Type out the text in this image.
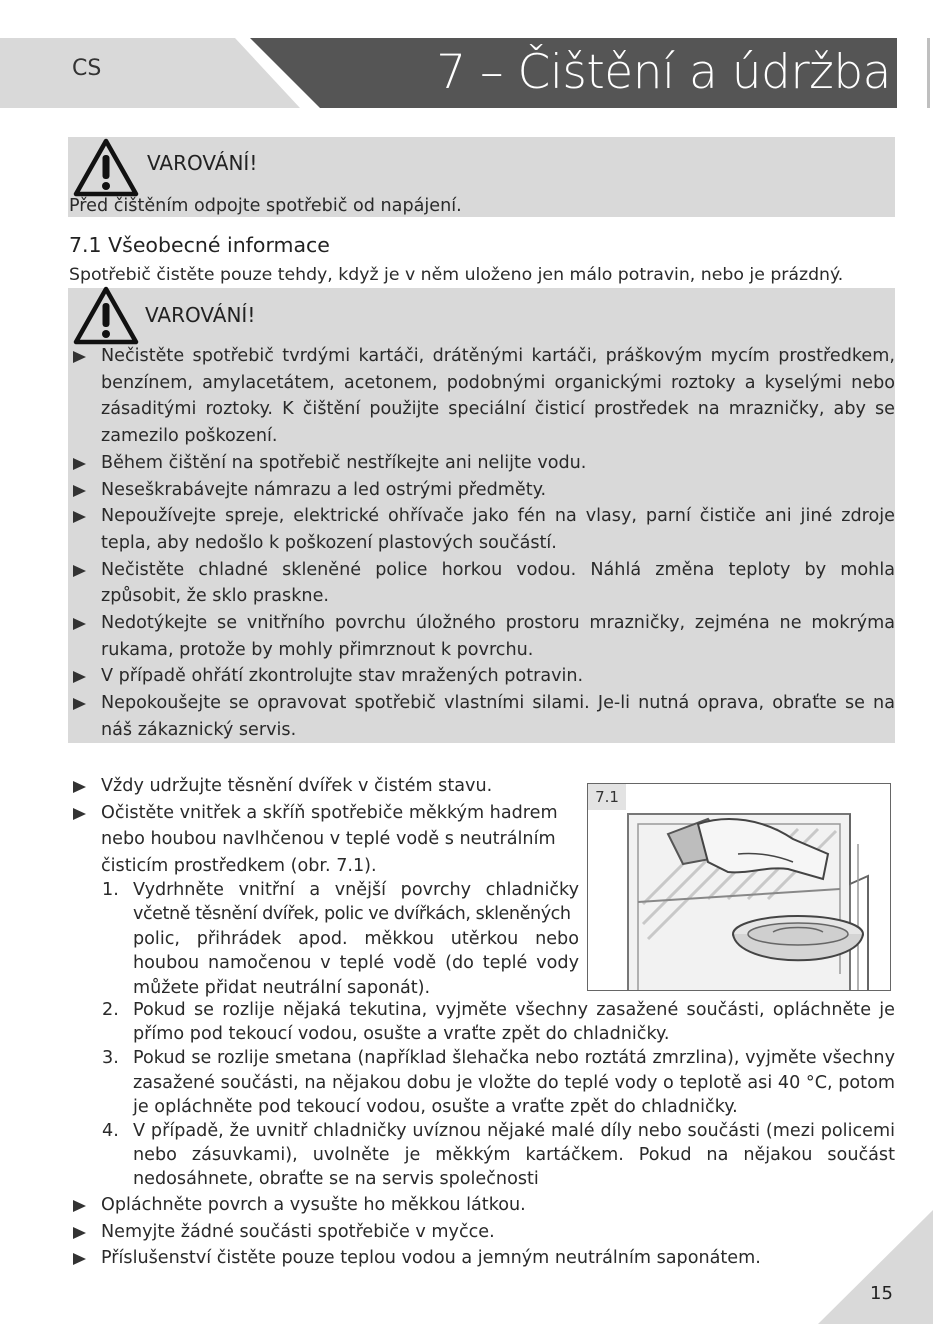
CS	7 – Čištění a údržba
VAROVÁNÍ!
Před čištěním odpojte spotřebič od napájení.
7.1 Všeobecné informace
Spotřebič čistěte pouze tehdy, když je v něm uloženo jen málo potravin, nebo je prázdný.
VAROVÁNÍ!
Nečistěte spotřebič tvrdými kartáči, drátěnými kartáči, práškovým mycím prostředkem, benzínem, amylacetátem, acetonem, podobnými organickými roztoky a kyselými nebo zásaditými roztoky. K čištění použijte speciální čisticí prostředek na mrazničky, aby se zamezilo poškození.
Během čištění na spotřebič nestříkejte ani nelijte vodu.
Neseškrabávejte námrazu a led ostrými předměty.
Nepoužívejte spreje, elektrické ohřívače jako fén na vlasy, parní čističe ani jiné zdroje tepla, aby nedošlo k poškození plastových součástí.
Nečistěte chladné skleněné police horkou vodou. Náhlá změna teploty by mohla způsobit, že sklo praskne.
Nedotýkejte se vnitřního povrchu úložného prostoru mrazničky, zejména ne mokrýma rukama, protože by mohly přimrznout k povrchu.
V případě ohřátí zkontrolujte stav mražených potravin.
Nepokoušejte se opravovat spotřebič vlastními silami. Je-li nutná oprava, obraťte se na náš zákaznický servis.
7.1
Vždy udržujte těsnění dvířek v čistém stavu.
Očistěte vnitřek a skříň spotřebiče měkkým hadrem
nebo houbou navlhčenou v teplé vodě s neutrálním
čisticím prostředkem (obr. 7.1).
1. Vydrhněte vnitřní a vnější povrchy chladničky
včetně těsnění dvířek, polic ve dvířkách, skleněných
polic, přihrádek apod. měkkou utěrkou nebo
houbou namočenou v teplé vodě (do teplé vody
můžete přidat neutrální saponát).
2. Pokud se rozlije nějaká tekutina, vyjměte všechny zasažené součásti, opláchněte je přímo pod tekoucí vodou, osušte a vraťte zpět do chladničky.
3. Pokud se rozlije smetana (například šlehačka nebo roztátá zmrzlina), vyjměte všechny zasažené součásti, na nějakou dobu je vložte do teplé vody o teplotě asi 40 °C, potom je opláchněte pod tekoucí vodou, osušte a vraťte zpět do chladničky.
4. V případě, že uvnitř chladničky uvíznou nějaké malé díly nebo součásti (mezi policemi nebo zásuvkami), uvolněte je měkkým kartáčkem. Pokud na nějakou součást nedosáhnete, obraťte se na servis společnosti
Opláchněte povrch a vysušte ho měkkou látkou.
Nemyjte žádné součásti spotřebiče v myčce.
Příslušenství čistěte pouze teplou vodou a jemným neutrálním saponátem.
15
